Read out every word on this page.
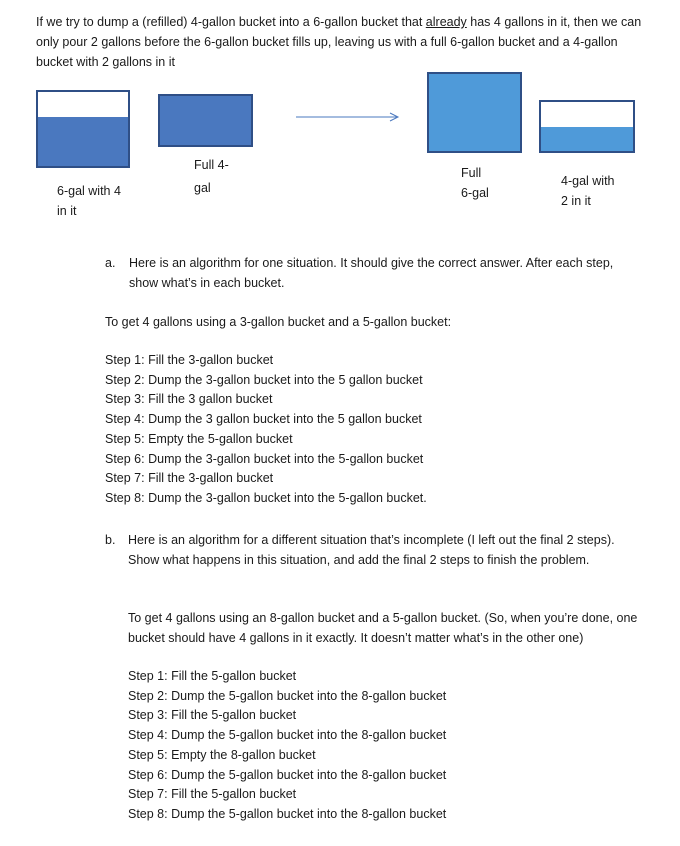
If we try to dump a (refilled) 4-gallon bucket into a 6-gallon bucket that already has 4 gallons in it, then we can only pour 2 gallons before the 6-gallon bucket fills up, leaving us with a full 6-gallon bucket and a 4-gallon bucket with 2 gallons in it
6-gal with 4
in it
Full 4-
gal
Full
6-gal
4-gal with
2 in it
a. Here is an algorithm for one situation. It should give the correct answer. After each step, show what’s in each bucket.
To get 4 gallons using a 3-gallon bucket and a 5-gallon bucket:
Step 1: Fill the 3-gallon bucket
Step 2: Dump the 3-gallon bucket into the 5 gallon bucket
Step 3: Fill the 3 gallon bucket
Step 4: Dump the 3 gallon bucket into the 5 gallon bucket
Step 5: Empty the 5-gallon bucket
Step 6: Dump the 3-gallon bucket into the 5-gallon bucket
Step 7: Fill the 3-gallon bucket
Step 8: Dump the 3-gallon bucket into the 5-gallon bucket.
b. Here is an algorithm for a different situation that’s incomplete (I left out the final 2 steps). Show what happens in this situation, and add the final 2 steps to finish the problem.
To get 4 gallons using an 8-gallon bucket and a 5-gallon bucket. (So, when you’re done, one bucket should have 4 gallons in it exactly. It doesn’t matter what’s in the other one)
Step 1: Fill the 5-gallon bucket
Step 2: Dump the 5-gallon bucket into the 8-gallon bucket
Step 3: Fill the 5-gallon bucket
Step 4: Dump the 5-gallon bucket into the 8-gallon bucket
Step 5: Empty the 8-gallon bucket
Step 6: Dump the 5-gallon bucket into the 8-gallon bucket
Step 7: Fill the 5-gallon bucket
Step 8: Dump the 5-gallon bucket into the 8-gallon bucket
